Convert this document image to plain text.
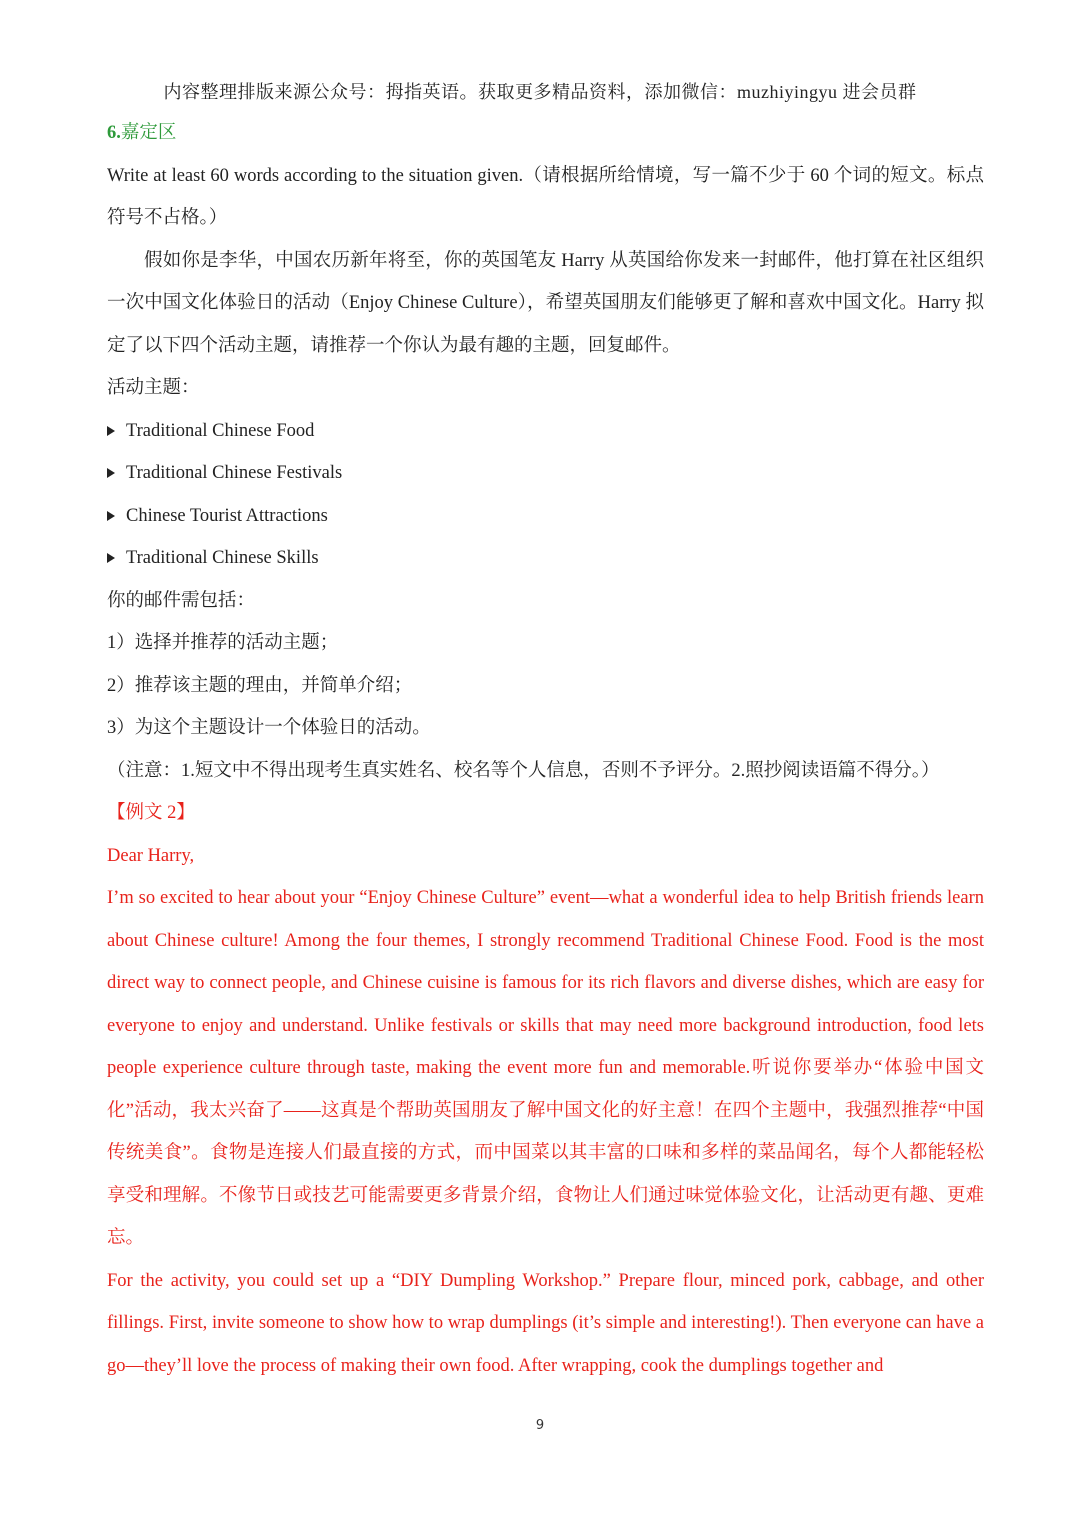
内容整理排版来源公众号：拇指英语。获取更多精品资料，添加微信：muzhiyingyu 进会员群

6.嘉定区

Write at least 60 words according to the situation given.（请根据所给情境，写一篇不少于 60 个词的短文。标点符号不占格。）

假如你是李华，中国农历新年将至，你的英国笔友 Harry 从英国给你发来一封邮件，他打算在社区组织一次中国文化体验日的活动（Enjoy Chinese Culture），希望英国朋友们能够更了解和喜欢中国文化。Harry 拟定了以下四个活动主题，请推荐一个你认为最有趣的主题，回复邮件。

活动主题：

Traditional Chinese Food

Traditional Chinese Festivals

Chinese Tourist Attractions

Traditional Chinese Skills

你的邮件需包括：

1）选择并推荐的活动主题；

2）推荐该主题的理由，并简单介绍；

3）为这个主题设计一个体验日的活动。

（注意：1.短文中不得出现考生真实姓名、校名等个人信息，否则不予评分。2.照抄阅读语篇不得分。）

【例文 2】

Dear Harry,

I’m so excited to hear about your “Enjoy Chinese Culture” event—what a wonderful idea to help British friends learn about Chinese culture! Among the four themes, I strongly recommend Traditional Chinese Food. Food is the most direct way to connect people, and Chinese cuisine is famous for its rich flavors and diverse dishes, which are easy for everyone to enjoy and understand. Unlike festivals or skills that may need more background introduction, food lets people experience culture through taste, making the event more fun and memorable.听说你要举办“体验中国文化”活动，我太兴奋了——这真是个帮助英国朋友了解中国文化的好主意！在四个主题中，我强烈推荐“中国传统美食”。食物是连接人们最直接的方式，而中国菜以其丰富的口味和多样的菜品闻名，每个人都能轻松享受和理解。不像节日或技艺可能需要更多背景介绍，食物让人们通过味觉体验文化，让活动更有趣、更难忘。

For the activity, you could set up a “DIY Dumpling Workshop.” Prepare flour, minced pork, cabbage, and other fillings. First, invite someone to show how to wrap dumplings (it’s simple and interesting!). Then everyone can have a go—they’ll love the process of making their own food. After wrapping, cook the dumplings together and

9
